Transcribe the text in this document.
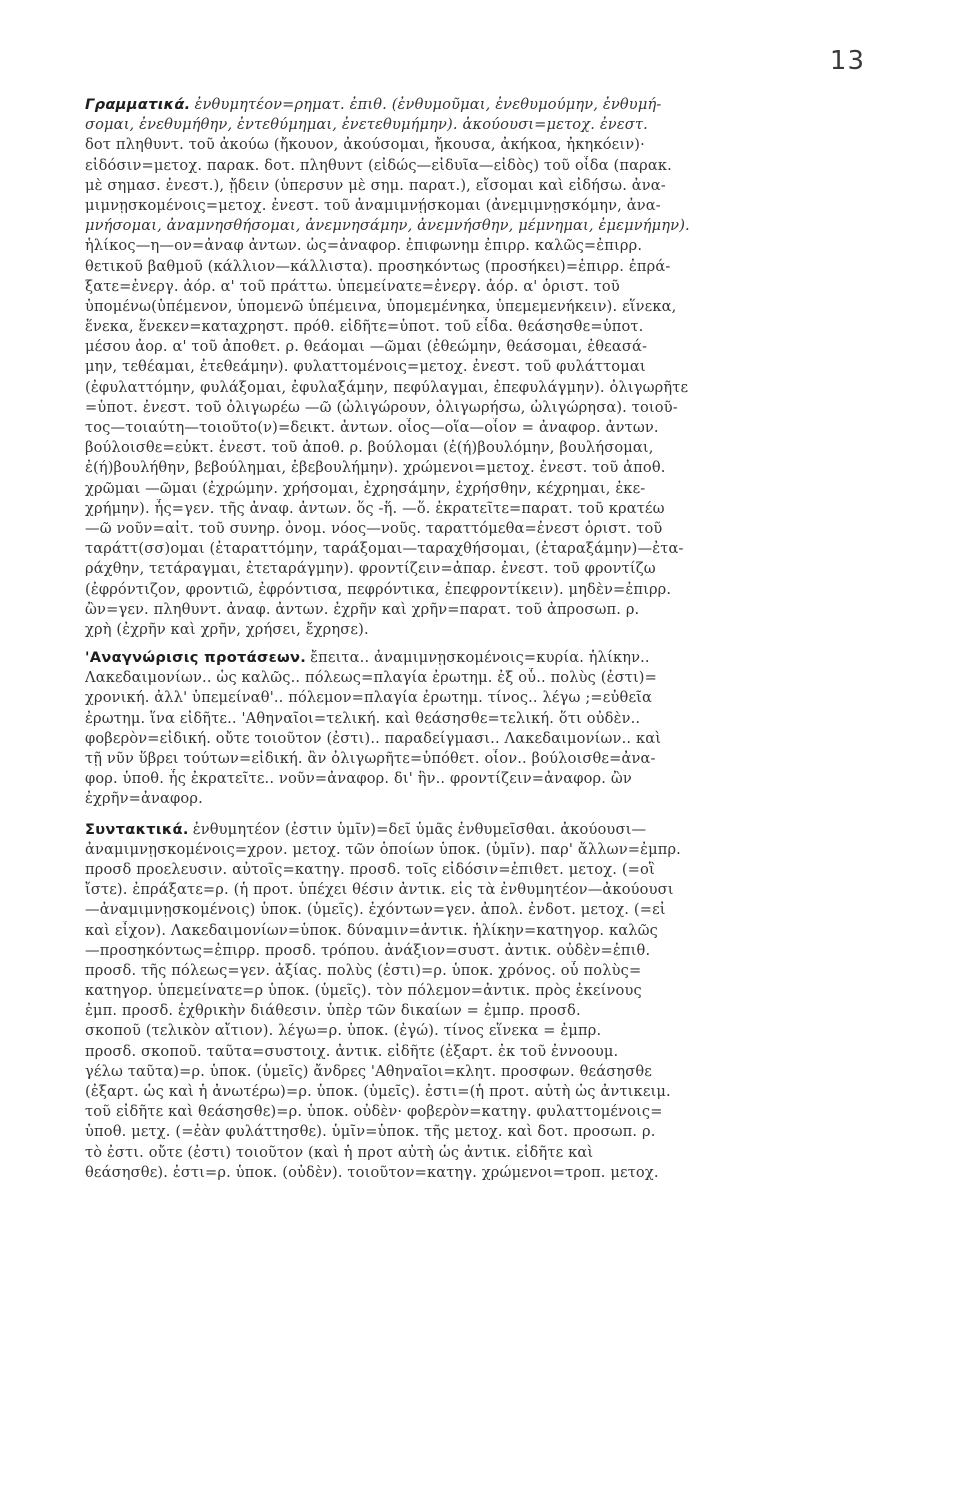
13
Γραμματικά. ἐνθυμητέον=ρηματ. ἐπιθ. (ἐνθυμοῦμαι, ἐνεθυμούμην, ἐνθυμή-
σομαι, ἐνεθυμήθην, ἐντεθύμημαι, ἐνετεθυμήμην). ἀκούουσι=μετοχ. ἐνεστ.
δοτ πληθυντ. τοῦ ἀκούω (ἤκουον, ἀκούσομαι, ἤκουσα, ἀκήκοα, ἠκηκόειν)·
εἰδόσιν=μετοχ. παρακ. δοτ. πληθυντ (εἰδώς—εἰδυῖα—εἰδὸς) τοῦ οἶδα (παρακ.
μὲ σημασ. ἐνεστ.), ᾔδειν (ὑπερσυν μὲ σημ. παρατ.), εἴσομαι καὶ εἰδήσω. ἀνα-
μιμνῃσκομένοις=μετοχ. ἐνεστ. τοῦ ἀναμιμνῄσκομαι (ἀνεμιμνῃσκόμην, ἀνα-
μνήσομαι, ἀναμνησθήσομαι, ἀνεμνησάμην, ἀνεμνήσθην, μέμνημαι, ἐμεμνήμην).
ἡλίκος—η—ον=ἀναφ ἀντων. ὡς=ἀναφορ. ἐπιφωνημ ἐπιρρ. καλῶς=ἐπιρρ.
θετικοῦ βαθμοῦ (κάλλιον—κάλλιστα). προσηκόντως (προσήκει)=ἐπιρρ. ἐπρά-
ξατε=ἐνεργ. ἀόρ. α' τοῦ πράττω. ὑπεμείνατε=ἐνεργ. ἀόρ. α' ὁριστ. τοῦ
ὑπομένω(ὑπέμενον, ὑπομενῶ ὑπέμεινα, ὑπομεμένηκα, ὑπεμεμενήκειν). εἵνεκα,
ἕνεκα, ἕνεκεν=καταχρηστ. πρόθ. εἰδῆτε=ὑποτ. τοῦ εἶδα. θεάσησθε=ὑποτ.
μέσου ἀορ. α' τοῦ ἀποθετ. ρ. θεάομαι —ῶμαι (ἐθεώμην, θεάσομαι, ἐθεασά-
μην, τεθέαμαι, ἐτεθεάμην). φυλαττομένοις=μετοχ. ἐνεστ. τοῦ φυλάττομαι
(ἐφυλαττόμην, φυλάξομαι, ἐφυλαξάμην, πεφύλαγμαι, ἐπεφυλάγμην). ὀλιγωρῆτε
=ὑποτ. ἐνεστ. τοῦ ὀλιγωρέω —ῶ (ὠλιγώρουν, ὀλιγωρήσω, ὠλιγώρησα). τοιοῦ-
τος—τοιαύτη—τοιοῦτο(ν)=δεικτ. ἀντων. οἷος—οἵα—οἷον = ἀναφορ. ἀντων.
βούλοισθε=εὐκτ. ἐνεστ. τοῦ ἀποθ. ρ. βούλομαι (ἐ(ή)βουλόμην, βουλήσομαι,
ἐ(ή)βουλήθην, βεβούλημαι, ἐβεβουλήμην). χρώμενοι=μετοχ. ἐνεστ. τοῦ ἀποθ.
χρῶμαι —ῶμαι (ἐχρώμην. χρήσομαι, ἐχρησάμην, ἐχρήσθην, κέχρημαι, ἐκε-
χρήμην). ἧς=γεν. τῆς ἀναφ. ἀντων. ὅς -ἥ. —ὅ. ἐκρατεῖτε=παρατ. τοῦ κρατέω
—ῶ νοῦν=αἰτ. τοῦ συνηρ. ὀνομ. νόος—νοῦς. ταραττόμεθα=ἐνεστ ὁριστ. τοῦ
ταράττ(σσ)ομαι (ἐταραττόμην, ταράξομαι—ταραχθήσομαι, (ἐταραξάμην)—ἐτα-
ράχθην, τετάραγμαι, ἐτεταράγμην). φροντίζειν=ἀπαρ. ἐνεστ. τοῦ φροντίζω
(ἐφρόντιζον, φροντιῶ, ἐφρόντισα, πεφρόντικα, ἐπεφροντίκειν). μηδὲν=ἐπιρρ.
ὢν=γεν. πληθυντ. ἀναφ. ἀντων. ἐχρῆν καὶ χρῆν=παρατ. τοῦ ἀπροσωπ. ρ.
χρὴ (ἐχρῆν καὶ χρῆν, χρήσει, ἔχρησε).
'Αναγνώρισις προτάσεων. ἔπειτα.. ἀναμιμνῃσκομένοις=κυρία. ἡλίκην..
Λακεδαιμονίων.. ὡς καλῶς.. πόλεως=πλαγία ἐρωτημ. ἐξ οὗ.. πολὺς (ἐστι)=
χρονική. ἀλλ' ὑπεμείναθ'.. πόλεμον=πλαγία ἐρωτημ. τίνος.. λέγω ;=εὐθεῖα
ἐρωτημ. ἵνα εἰδῆτε.. 'Αθηναῖοι=τελική. καὶ θεάσησθε=τελική. ὅτι οὐδὲν..
φοβερὸν=εἰδική. οὔτε τοιοῦτον (ἐστι).. παραδείγμασι.. Λακεδαιμονίων.. καὶ
τῇ νῦν ὕβρει τούτων=εἰδική. ἂν ὀλιγωρῆτε=ὑπόθετ. οἷον.. βούλοισθε=ἀνα-
φορ. ὑποθ. ἧς ἐκρατεῖτε.. νοῦν=ἀναφορ. δι' ἣν.. φροντίζειν=ἀναφορ. ὢν
ἐχρῆν=ἀναφορ.
Συντακτικά. ἐνθυμητέον (ἐστιν ὑμῖν)=δεῖ ὑμᾶς ἐνθυμεῖσθαι. ἀκούουσι—
ἀναμιμνῃσκομένοις=χρον. μετοχ. τῶν ὁποίων ὑποκ. (ὑμῖν). παρ' ἄλλων=ἐμπρ.
προσδ προελευσιν. αὐτοῖς=κατηγ. προσδ. τοῖς εἰδόσιν=ἐπιθετ. μετοχ. (=οἳ
ἴστε). ἐπράξατε=ρ. (ἡ προτ. ὑπέχει θέσιν ἀντικ. εἰς τὰ ἐνθυμητέον—ἀκούουσι
—ἀναμιμνῃσκομένοις) ὑποκ. (ὑμεῖς). ἐχόντων=γεν. ἀπολ. ἐνδοτ. μετοχ. (=εἰ
καὶ εἶχον). Λακεδαιμονίων=ὑποκ. δύναμιν=ἀντικ. ἡλίκην=κατηγορ. καλῶς
—προσηκόντως=ἐπιρρ. προσδ. τρόπου. ἀνάξιον=συστ. ἀντικ. οὐδὲν=ἐπιθ.
προσδ. τῆς πόλεως=γεν. ἀξίας. πολὺς (ἐστι)=ρ. ὑποκ. χρόνος. οὗ πολὺς=
κατηγορ. ὑπεμείνατε=ρ ὑποκ. (ὑμεῖς). τὸν πόλεμον=ἀντικ. πρὸς ἐκείνους
ἐμπ. προσδ. ἐχθρικὴν διάθεσιν. ὑπὲρ τῶν δικαίων = ἐμπρ. προσδ.
σκοποῦ (τελικὸν αἴτιον). λέγω=ρ. ὑποκ. (ἐγώ). τίνος εἵνεκα = ἐμπρ.
προσδ. σκοποῦ. ταῦτα=συστοιχ. ἀντικ. εἰδῆτε (ἐξαρτ. ἐκ τοῦ ἐννοουμ.
γέλω ταῦτα)=ρ. ὑποκ. (ὑμεῖς) ἄνδρες 'Αθηναῖοι=κλητ. προσφων. θεάσησθε
(ἐξαρτ. ὡς καὶ ἡ ἀνωτέρω)=ρ. ὑποκ. (ὑμεῖς). ἐστι=(ἡ προτ. αὐτὴ ὡς ἀντικειμ.
τοῦ εἰδῆτε καὶ θεάσησθε)=ρ. ὑποκ. οὐδὲν· φοβερὸν=κατηγ. φυλαττομένοις=
ὑποθ. μετχ. (=ἐὰν φυλάττησθε). ὑμῖν=ὑποκ. τῆς μετοχ. καὶ δοτ. προσωπ. ρ.
τὸ ἐστι. οὔτε (ἐστι) τοιοῦτον (καὶ ἡ προτ αὐτὴ ὡς ἀντικ. εἰδῆτε καὶ
θεάσησθε). ἐστι=ρ. ὑποκ. (οὐδὲν). τοιοῦτον=κατηγ. χρώμενοι=τροπ. μετοχ.
